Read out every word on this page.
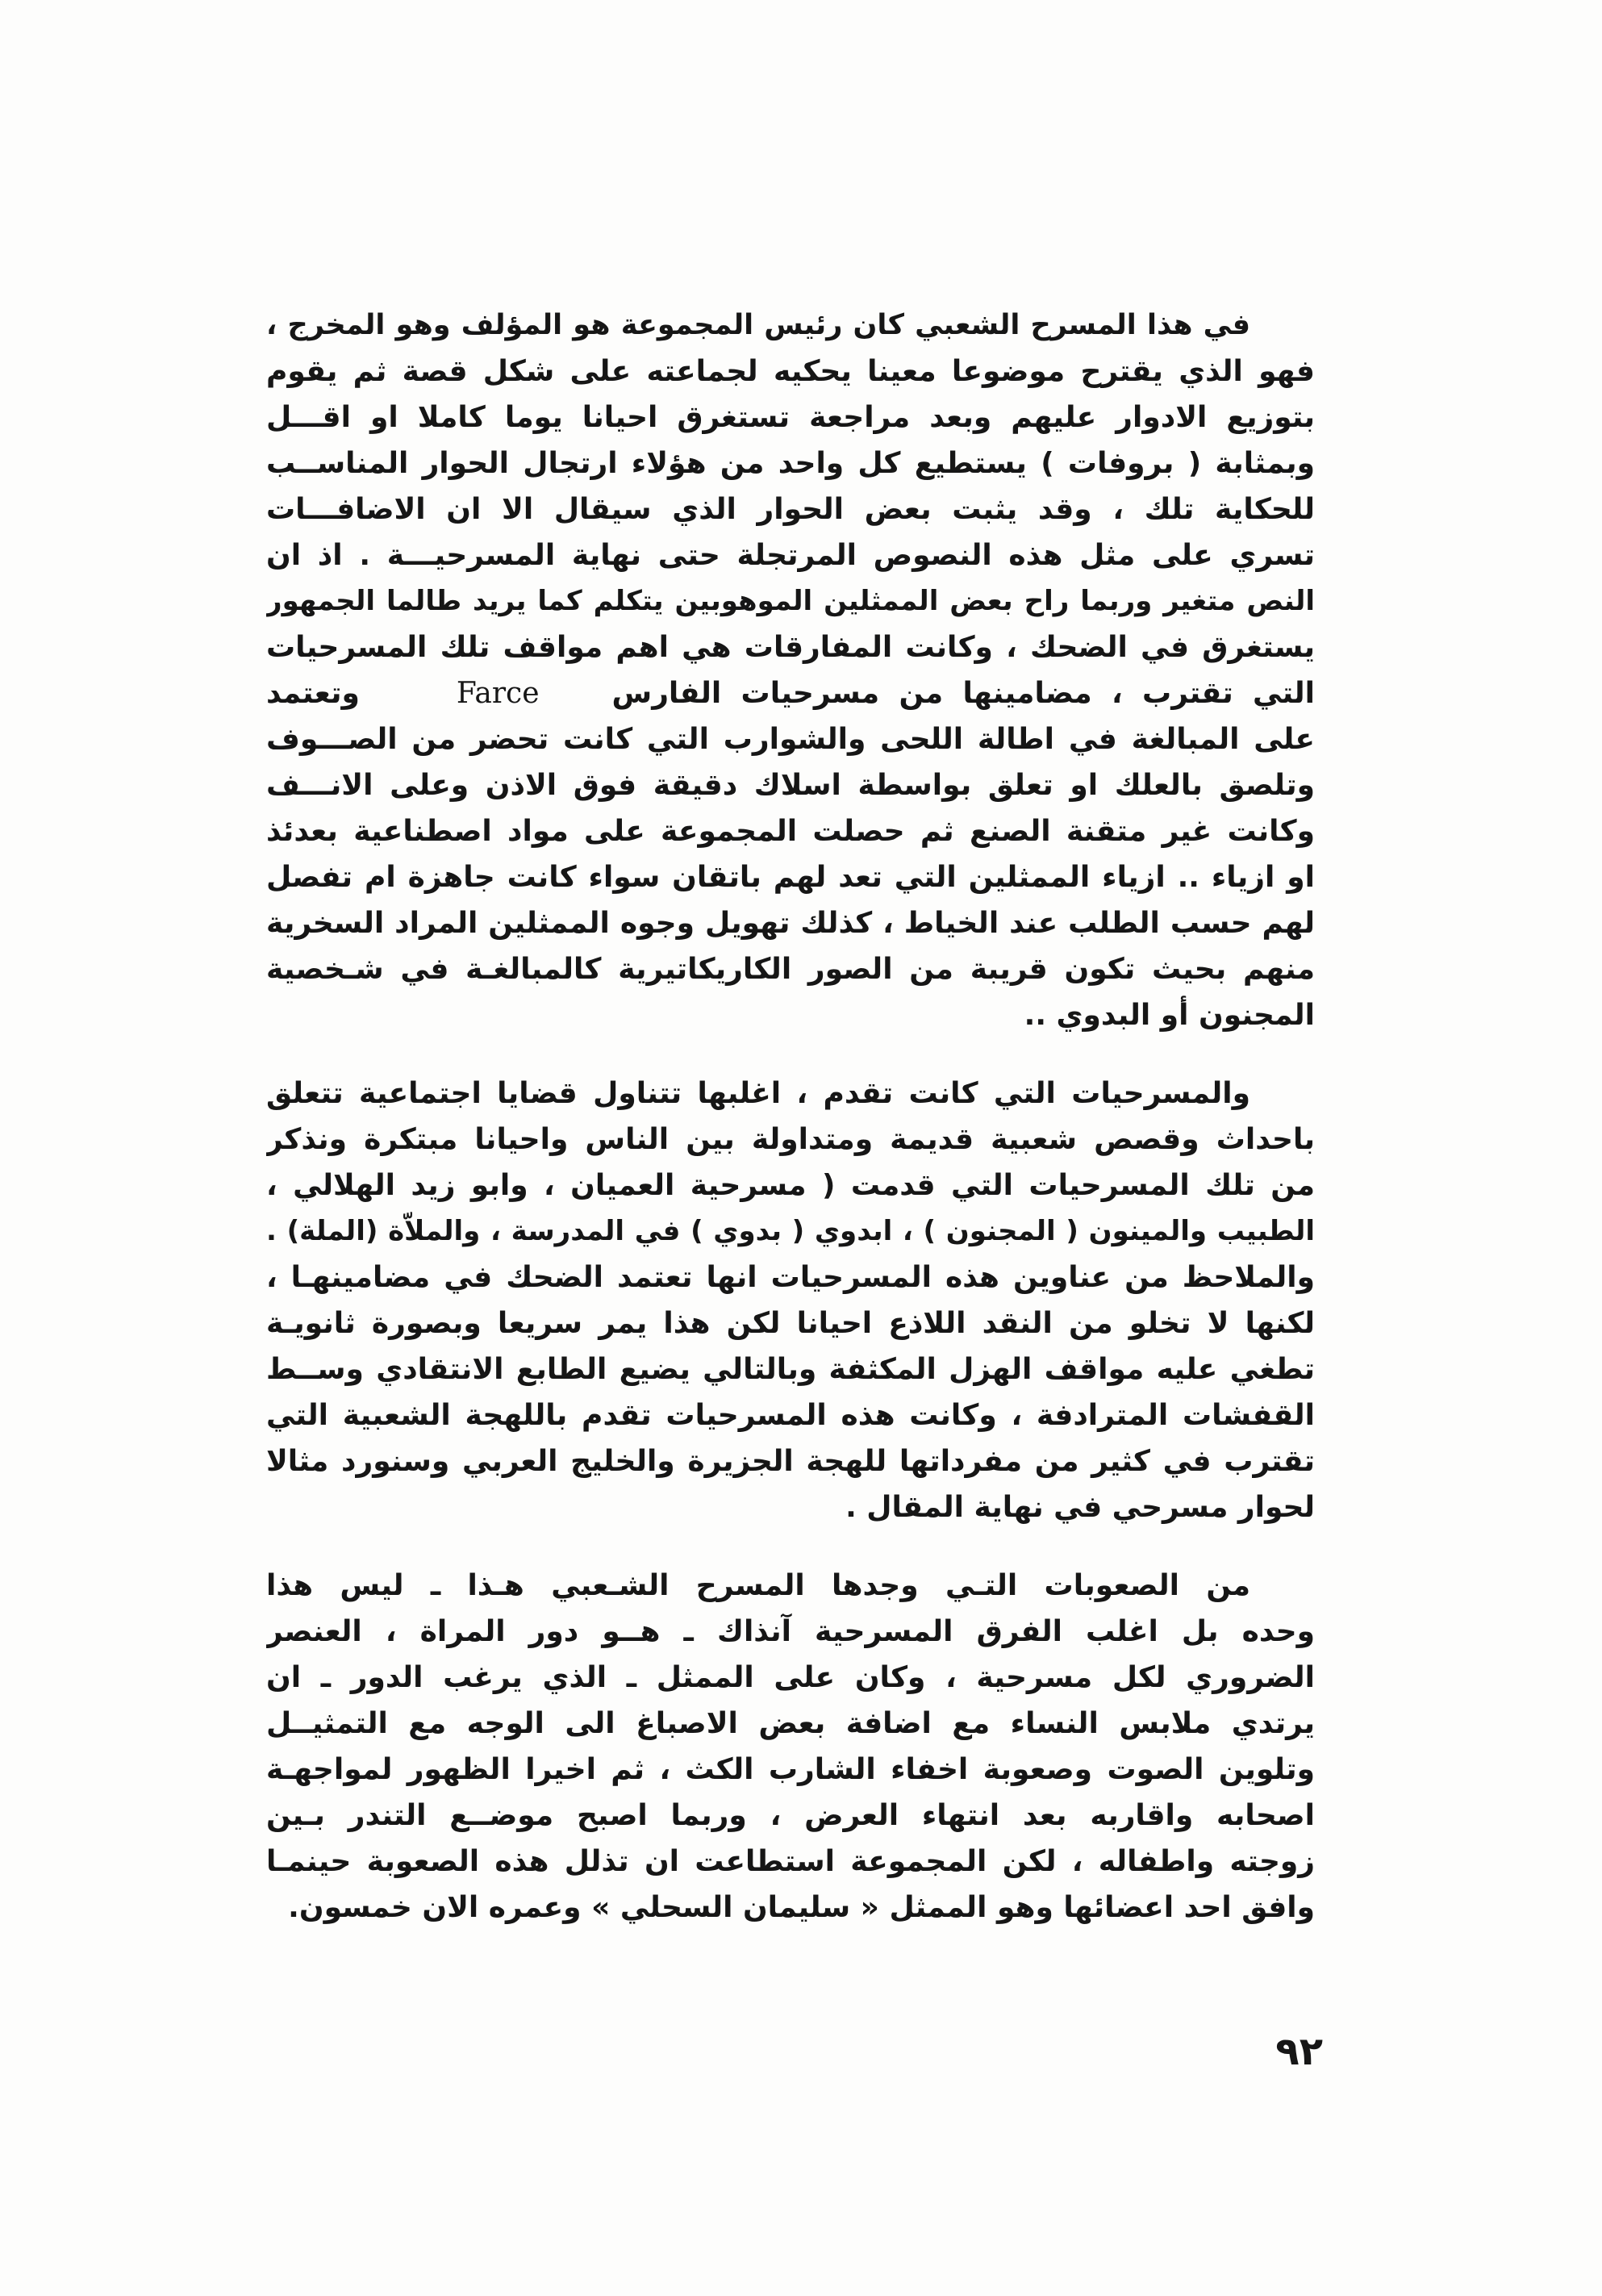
في هذا المسرح الشعبي كان رئيس المجموعة هو المؤلف وهو المخرج ،
فهو الذي يقترح موضوعا معينا يحكيه لجماعته على شكل قصة ثم يقوم
بتوزيع الادوار عليهم وبعد مراجعة تستغرق احيانا يوما كاملا او اقـــل
وبمثابة ( بروفات ) يستطيع كل واحد من هؤلاء ارتجال الحوار المناســب
للحكاية تلك ، وقد يثبت بعض الحوار الذي سيقال الا ان الاضافـــات
تسري على مثل هذه النصوص المرتجلة حتى نهاية المسرحيـــة . اذ ان
النص متغير وربما راح بعض الممثلين الموهوبين يتكلم كما يريد طالما الجمهور
يستغرق في الضحك ، وكانت المفارقات هي اهم مواقف تلك المسرحيات
التي تقترب ، مضامينها من مسرحيات الفارسFarceوتعتمد
على المبالغة في اطالة اللحى والشوارب التي كانت تحضر من الصـــوف
وتلصق بالعلك او تعلق بواسطة اسلاك دقيقة فوق الاذن وعلى الانـــف
وكانت غير متقنة الصنع ثم حصلت المجموعة على مواد اصطناعية بعدئذ
او ازياء .. ازياء الممثلين التي تعد لهم باتقان سواء كانت جاهزة ام تفصل
لهم حسب الطلب عند الخياط ، كذلك تهويل وجوه الممثلين المراد السخرية
منهم بحيث تكون قريبة من الصور الكاريكاتيرية كالمبالغـة في شـخصية
المجنون أو البدوي ..
والمسرحيات التي كانت تقدم ، اغلبها تتناول قضايا اجتماعية تتعلق
باحداث وقصص شعبية قديمة ومتداولة بين الناس واحيانا مبتكرة ونذكر
من تلك المسرحيات التي قدمت ( مسرحية العميان ، وابو زيد الهلالي ،
الطبيب والمينون ( المجنون ) ، ابدوي ( بدوي ) في المدرسة ، والملاّة (الملة) .
والملاحظ من عناوين هذه المسرحيات انها تعتمد الضحك في مضامينهـا ،
لكنها لا تخلو من النقد اللاذع احيانا لكن هذا يمر سريعا وبصورة ثانويـة
تطغي عليه مواقف الهزل المكثفة وبالتالي يضيع الطابع الانتقادي وســط
القفشات المترادفة ، وكانت هذه المسرحيات تقدم باللهجة الشعبية التي
تقترب في كثير من مفرداتها للهجة الجزيرة والخليج العربي وسنورد مثالا
لحوار مسرحي في نهاية المقال .
من الصعوبات التـي وجدها المسرح الشـعبي هـذا ـ ليس هذا
وحده بل اغلب الفرق المسرحية آنذاك ـ هــو دور المراة ، العنصر
الضروري لكل مسرحية ، وكان على الممثل ـ الذي يرغب الدور ـ ان
يرتدي ملابس النساء مع اضافة بعض الاصباغ الى الوجه مع التمثيــل
وتلوين الصوت وصعوبة اخفاء الشارب الكث ، ثم اخيرا الظهور لمواجهـة
اصحابه واقاربه بعد انتهاء العرض ، وربما اصبح موضــع التندر بـين
زوجته واطفاله ، لكن المجموعة استطاعت ان تذلل هذه الصعوبة حينمـا
وافق احد اعضائها وهو الممثل « سليمان السحلي » وعمره الان خمسون.
٩٢
